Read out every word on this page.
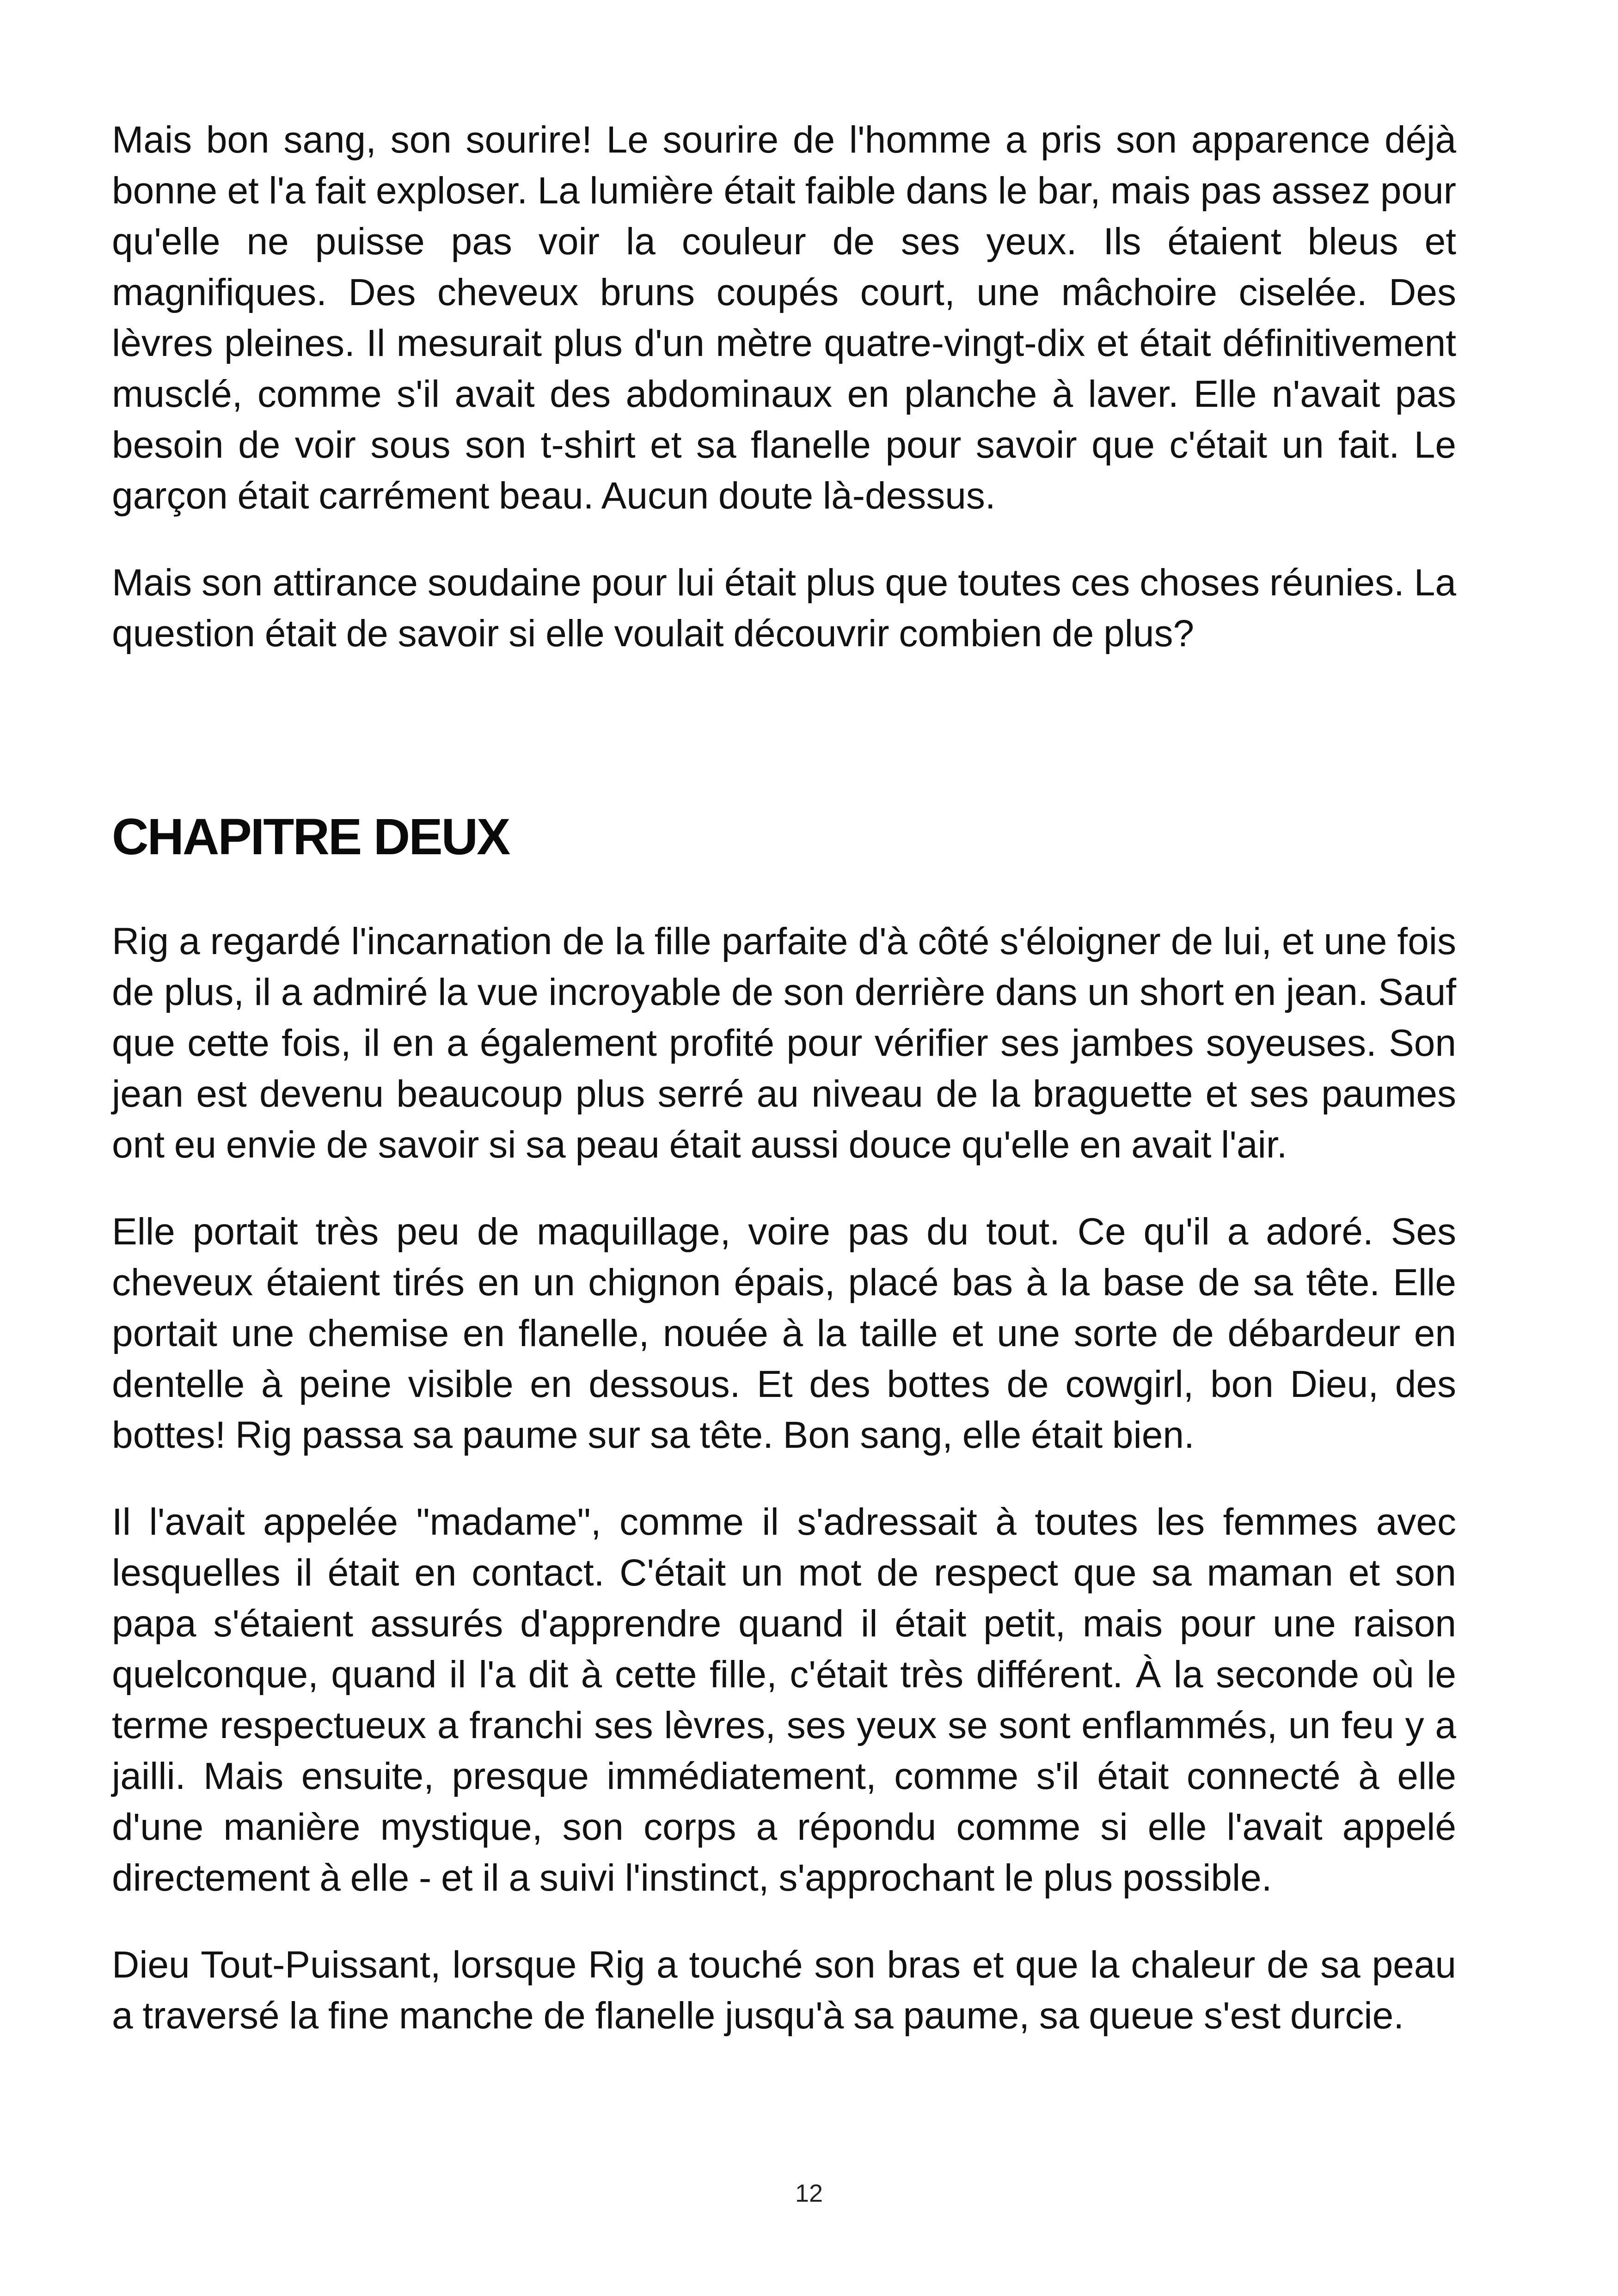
Mais bon sang, son sourire! Le sourire de l'homme a pris son apparence déjà bonne et l'a fait exploser. La lumière était faible dans le bar, mais pas assez pour qu'elle ne puisse pas voir la couleur de ses yeux. Ils étaient bleus et magnifiques. Des cheveux bruns coupés court, une mâchoire ciselée. Des lèvres pleines. Il mesurait plus d'un mètre quatre-vingt-dix et était définitivement musclé, comme s'il avait des abdominaux en planche à laver. Elle n'avait pas besoin de voir sous son t-shirt et sa flanelle pour savoir que c'était un fait. Le garçon était carrément beau. Aucun doute là-dessus.

Mais son attirance soudaine pour lui était plus que toutes ces choses réunies. La question était de savoir si elle voulait découvrir combien de plus?

CHAPITRE DEUX

Rig a regardé l'incarnation de la fille parfaite d'à côté s'éloigner de lui, et une fois de plus, il a admiré la vue incroyable de son derrière dans un short en jean. Sauf que cette fois, il en a également profité pour vérifier ses jambes soyeuses. Son jean est devenu beaucoup plus serré au niveau de la braguette et ses paumes ont eu envie de savoir si sa peau était aussi douce qu'elle en avait l'air.

Elle portait très peu de maquillage, voire pas du tout. Ce qu'il a adoré. Ses cheveux étaient tirés en un chignon épais, placé bas à la base de sa tête. Elle portait une chemise en flanelle, nouée à la taille et une sorte de débardeur en dentelle à peine visible en dessous. Et des bottes de cowgirl, bon Dieu, des bottes! Rig passa sa paume sur sa tête. Bon sang, elle était bien.

Il l'avait appelée "madame", comme il s'adressait à toutes les femmes avec lesquelles il était en contact. C'était un mot de respect que sa maman et son papa s'étaient assurés d'apprendre quand il était petit, mais pour une raison quelconque, quand il l'a dit à cette fille, c'était très différent. À la seconde où le terme respectueux a franchi ses lèvres, ses yeux se sont enflammés, un feu y a jailli. Mais ensuite, presque immédiatement, comme s'il était connecté à elle d'une manière mystique, son corps a répondu comme si elle l'avait appelé directement à elle - et il a suivi l'instinct, s'approchant le plus possible.

Dieu Tout-Puissant, lorsque Rig a touché son bras et que la chaleur de sa peau a traversé la fine manche de flanelle jusqu'à sa paume, sa queue s'est durcie.

12
